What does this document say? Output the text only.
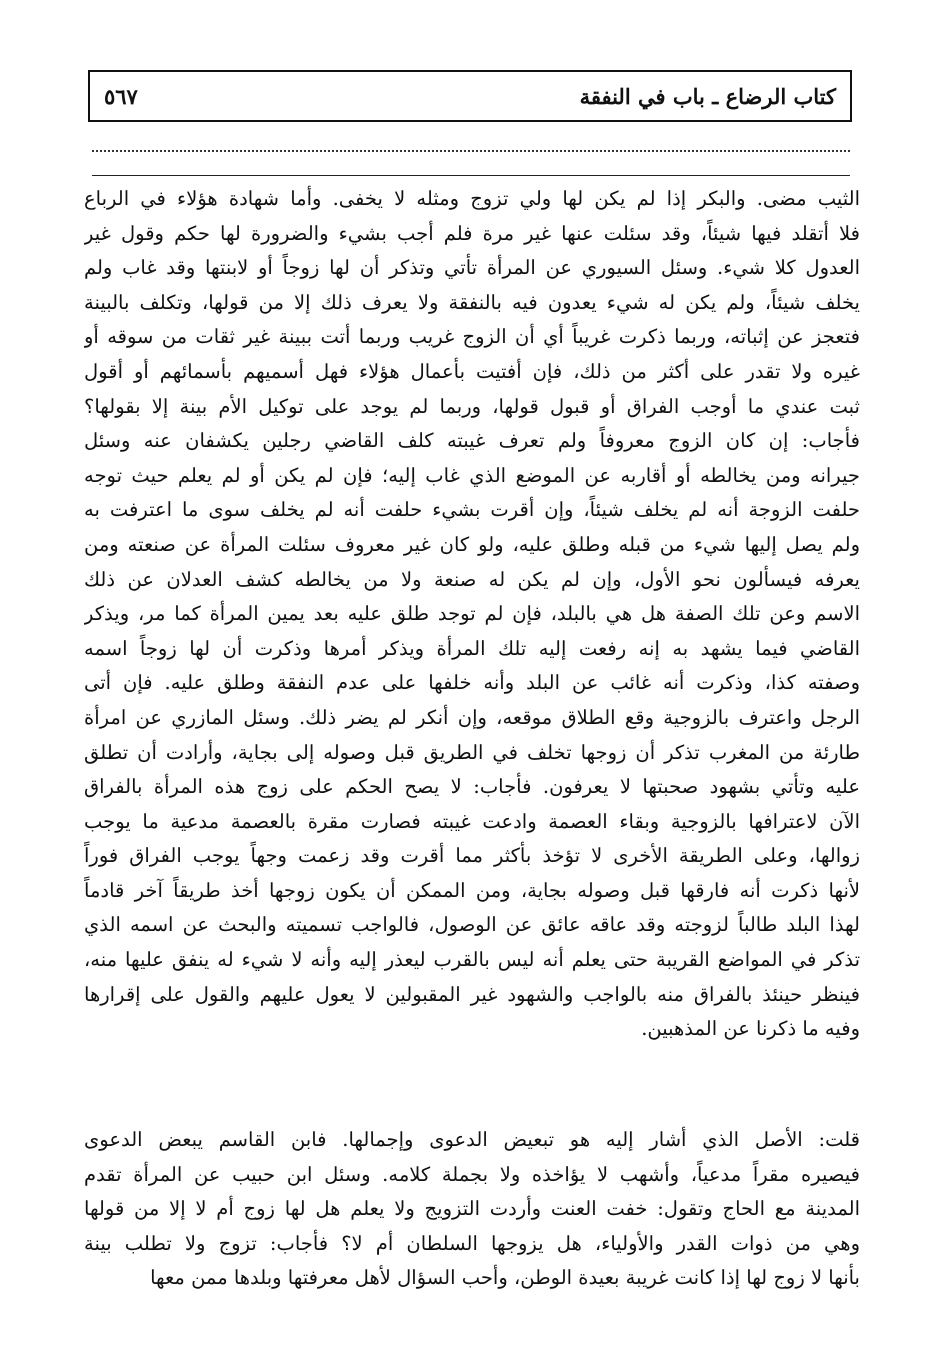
كتاب الرضاع ـ باب في النفقة
٥٦٧
الثيب مضى. والبكر إذا لم يكن لها ولي تزوج ومثله لا يخفى. وأما شهادة هؤلاء في الرباع
فلا أتقلد فيها شيئاً، وقد سئلت عنها غير مرة فلم أجب بشيء والضرورة لها حكم وقول غير
العدول كلا شيء. وسئل السيوري عن المرأة تأتي وتذكر أن لها زوجاً أو لابنتها وقد غاب ولم
يخلف شيئاً، ولم يكن له شيء يعدون فيه بالنفقة ولا يعرف ذلك إلا من قولها، وتكلف بالبينة
فتعجز عن إثباته، وربما ذكرت غريباً أي أن الزوج غريب وربما أتت ببينة غير ثقات من سوقه أو
غيره ولا تقدر على أكثر من ذلك، فإن أفتيت بأعمال هؤلاء فهل أسميهم بأسمائهم أو أقول
ثبت عندي ما أوجب الفراق أو قبول قولها، وربما لم يوجد على توكيل الأم بينة إلا بقولها؟
فأجاب: إن كان الزوج معروفاً ولم تعرف غيبته كلف القاضي رجلين يكشفان عنه وسئل
جيرانه ومن يخالطه أو أقاربه عن الموضع الذي غاب إليه؛ فإن لم يكن أو لم يعلم حيث توجه
حلفت الزوجة أنه لم يخلف شيئاً، وإن أقرت بشيء حلفت أنه لم يخلف سوى ما اعترفت به
ولم يصل إليها شيء من قبله وطلق عليه، ولو كان غير معروف سئلت المرأة عن صنعته ومن
يعرفه فيسألون نحو الأول، وإن لم يكن له صنعة ولا من يخالطه كشف العدلان عن ذلك
الاسم وعن تلك الصفة هل هي بالبلد، فإن لم توجد طلق عليه بعد يمين المرأة كما مر، ويذكر
القاضي فيما يشهد به إنه رفعت إليه تلك المرأة ويذكر أمرها وذكرت أن لها زوجاً اسمه
وصفته كذا، وذكرت أنه غائب عن البلد وأنه خلفها على عدم النفقة وطلق عليه. فإن أتى
الرجل واعترف بالزوجية وقع الطلاق موقعه، وإن أنكر لم يضر ذلك. وسئل المازري عن امرأة
طارئة من المغرب تذكر أن زوجها تخلف في الطريق قبل وصوله إلى بجاية، وأرادت أن تطلق
عليه وتأتي بشهود صحبتها لا يعرفون. فأجاب: لا يصح الحكم على زوج هذه المرأة بالفراق
الآن لاعترافها بالزوجية وبقاء العصمة وادعت غيبته فصارت مقرة بالعصمة مدعية ما يوجب
زوالها، وعلى الطريقة الأخرى لا تؤخذ بأكثر مما أقرت وقد زعمت وجهاً يوجب الفراق فوراً
لأنها ذكرت أنه فارقها قبل وصوله بجاية، ومن الممكن أن يكون زوجها أخذ طريقاً آخر قادماً
لهذا البلد طالباً لزوجته وقد عاقه عائق عن الوصول، فالواجب تسميته والبحث عن اسمه الذي
تذكر في المواضع القريبة حتى يعلم أنه ليس بالقرب ليعذر إليه وأنه لا شيء له ينفق عليها منه،
فينظر حينئذ بالفراق منه بالواجب والشهود غير المقبولين لا يعول عليهم والقول على إقرارها
وفيه ما ذكرنا عن المذهبين.
قلت: الأصل الذي أشار إليه هو تبعيض الدعوى وإجمالها. فابن القاسم يبعض الدعوى
فيصيره مقراً مدعياً، وأشهب لا يؤاخذه ولا بجملة كلامه. وسئل ابن حبيب عن المرأة تقدم
المدينة مع الحاج وتقول: خفت العنت وأردت التزويج ولا يعلم هل لها زوج أم لا إلا من قولها
وهي من ذوات القدر والأولياء، هل يزوجها السلطان أم لا؟ فأجاب: تزوج ولا تطلب بينة
بأنها لا زوج لها إذا كانت غريبة بعيدة الوطن، وأحب السؤال لأهل معرفتها وبلدها ممن معها
